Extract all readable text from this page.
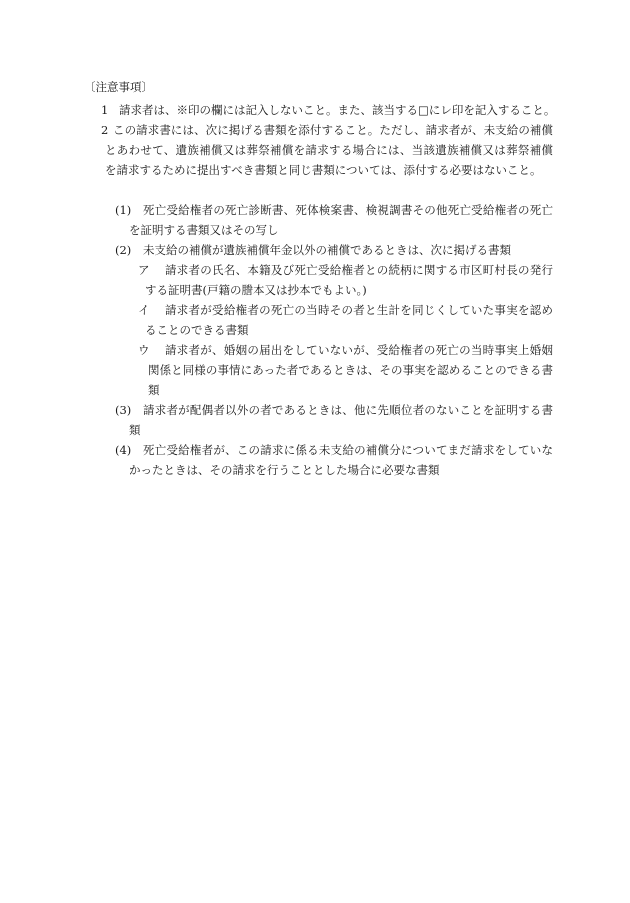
〔注意事項〕
1 請求者は、※印の欄には記入しないこと。また、該当する□にレ印を記入すること。
2 この請求書には、次に掲げる書類を添付すること。ただし、請求者が、未支給の補償とあわせて、遺族補償又は葬祭補償を請求する場合には、当該遺族補償又は葬祭補償を請求するために提出すべき書類と同じ書類については、添付する必要はないこと。
(1)	死亡受給権者の死亡診断書、死体検案書、検視調書その他死亡受給権者の死亡を証明する書類又はその写し
(2)	未支給の補償が遺族補償年金以外の補償であるときは、次に掲げる書類
ア	請求者の氏名、本籍及び死亡受給権者との続柄に関する市区町村長の発行する証明書(戸籍の謄本又は抄本でもよい。)
イ	請求者が受給権者の死亡の当時その者と生計を同じくしていた事実を認めることのできる書類
ウ	請求者が、婚姻の届出をしていないが、受給権者の死亡の当時事実上婚姻関係と同様の事情にあった者であるときは、その事実を認めることのできる書類
(3)	請求者が配偶者以外の者であるときは、他に先順位者のないことを証明する書類
(4)	死亡受給権者が、この請求に係る未支給の補償分についてまだ請求をしていなかったときは、その請求を行うこととした場合に必要な書類
